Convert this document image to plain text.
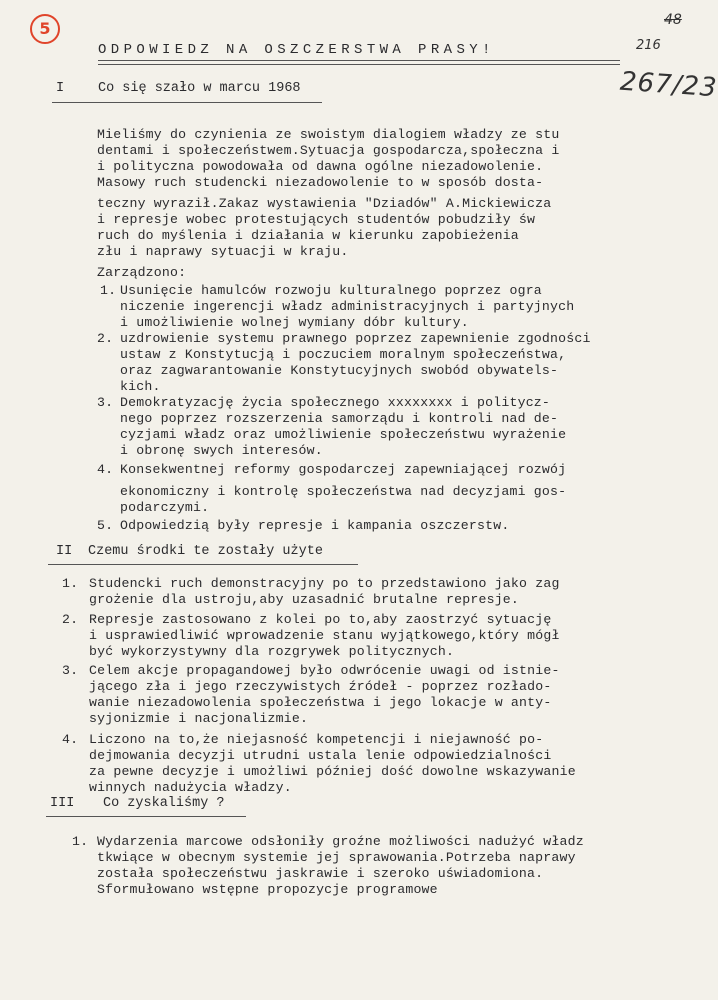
5	48
216
267/23
ODPOWIEDZ NA OSZCZERSTWA PRASY!
I	Co się szało w marcu 1968
Mieliśmy do czynienia ze swoistym dialogiem władzy ze stu
dentami i społeczeństwem.Sytuacja gospodarcza,społeczna i
i polityczna powodowała od dawna ogólne niezadowolenie.
Masowy ruch studencki niezadowolenie to w sposób dosta-
teczny wyraził.Zakaz wystawienia "Dziadów" A.Mickiewicza
i represje wobec protestujących studentów pobudziły św
ruch do myślenia i działania w kierunku zapobieżenia
złu i naprawy sytuacji w kraju.
Zarządzono:
1. Usunięcie hamulców rozwoju kulturalnego poprzez ogra
niczenie ingerencji władz administracyjnych i partyjnych
i umożliwienie wolnej wymiany dóbr kultury.
2. uzdrowienie systemu prawnego poprzez zapewnienie zgodności
ustaw z Konstytucją i poczuciem moralnym społeczeństwa,
oraz zagwarantowanie Konstytucyjnych swobód obywatels-
kich.
3. Demokratyzację życia społecznego xxxxxxxx i politycz-
nego poprzez rozszerzenia samorządu i kontroli nad de-
cyzjami władz oraz umożliwienie społeczeństwu wyrażenie
i obronę swych interesów.
4. Konsekwentnej reformy gospodarczej zapewniającej rozwój
ekonomiczny i kontrolę społeczeństwa nad decyzjami gos-
podarczymi.
5. Odpowiedzią były represje i kampania oszczerstw.
II Czemu środki te zostały użyte
1. Studencki ruch demonstracyjny po to przedstawiono jako zag
grożenie dla ustroju,aby uzasadnić brutalne represje.
2. Represje zastosowano z kolei po to,aby zaostrzyć sytuację
i usprawiedliwić wprowadzenie stanu wyjątkowego,który mógł
być wykorzystywny dla rozgrywek politycznych.
3. Celem akcje propagandowej było odwrócenie uwagi od istnie-
jącego zła i jego rzeczywistych źródeł - poprzez rozłado-
wanie niezadowolenia społeczeństwa i jego lokacje w anty-
syjonizmie i nacjonalizmie.
4. Liczono na to,że niejasność kompetencji i niejawność po-
dejmowania decyzji utrudni ustala lenie odpowiedzialności
za pewne decyzje i umożliwi później dość dowolne wskazywanie
winnych nadużycia władzy.
III Co zyskaliśmy ?
1. Wydarzenia marcowe odsłoniły groźne możliwości nadużyć władz
tkwiące w obecnym systemie jej sprawowania.Potrzeba naprawy
została społeczeństwu jaskrawie i szeroko uświadomiona.
Sformułowano wstępne propozycje programowe
